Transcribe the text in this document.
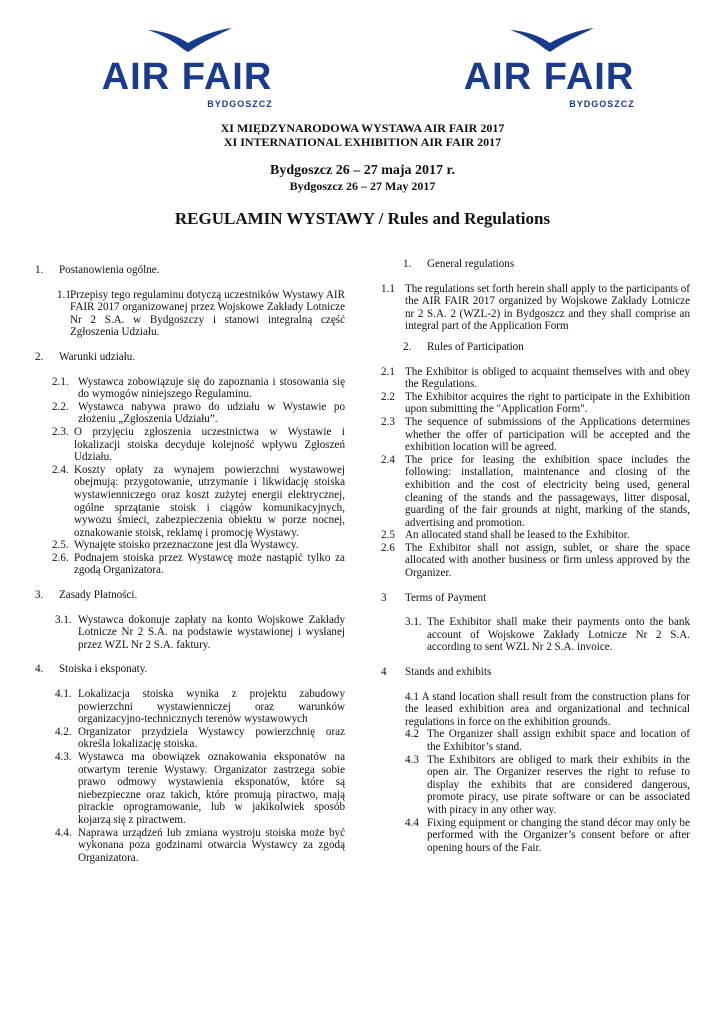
AIR FAIR
BYDGOSZCZ
AIR FAIR
BYDGOSZCZ
XI MIĘDZYNARODOWA WYSTAWA AIR FAIR 2017
XI INTERNATIONAL EXHIBITION AIR FAIR 2017
Bydgoszcz 26 – 27 maja 2017 r.
Bydgoszcz 26 – 27 May 2017
REGULAMIN WYSTAWY / Rules and Regulations

1. Postanowienia ogólne.

1.1.
Przepisy tego regulaminu dotyczą uczestników Wystawy AIR FAIR 2017 organizowanej przez Wojskowe Zakłady Lotnicze Nr 2 S.A. w Bydgoszczy i stanowi integralną część Zgłoszenia Udziału.

2. Warunki udziału.

2.1. Wystawca zobowiązuje się do zapoznania i stosowania się do wymogów niniejszego Regulaminu.

2.2. Wystawca nabywa prawo do udziału w Wystawie po złożeniu „Zgłoszenia Udziału”.

2.3. O przyjęciu zgłoszenia uczestnictwa w Wystawie i lokalizacji stoiska decyduje kolejność wpływu Zgłoszeń Udziału.

2.4. Koszty opłaty za wynajem powierzchni wystawowej obejmują: przygotowanie, utrzymanie i likwidację stoiska wystawienniczego oraz koszt zużytej energii elektrycznej, ogólne sprzątanie stoisk i ciągów komunikacyjnych, wywozu śmieci, zabezpieczenia obiektu w porze nocnej, oznakowanie stoisk, reklamę i promocję Wystawy.

2.5. Wynajęte stoisko przeznaczone jest dla Wystawcy.

2.6. Podnajem stoiska przez Wystawcę może nastąpić tylko za zgodą Organizatora.

3. Zasady Płatności.

3.1. Wystawca dokonuje zapłaty na konto Wojskowe Zakłady Lotnicze Nr 2 S.A. na podstawie wystawionej i wysłanej przez WZL Nr 2 S.A. faktury.

4. Stoiska i eksponaty.

4.1. Lokalizacja stoiska wynika z projektu zabudowy powierzchni wystawienniczej oraz warunków organizacyjno-technicznych terenów wystawowych

4.2. Organizator przydziela Wystawcy powierzchnię oraz określa lokalizację stoiska.

4.3. Wystawca ma obowiązek oznakowania eksponatów na otwartym terenie Wystawy. Organizator zastrzega sobie prawo odmowy wystawienia eksponatów, które są niebezpieczne oraz takich, które promują piractwo, mają pirackie oprogramowanie, lub w jakikolwiek sposób kojarzą się z piractwem.

4.4. Naprawa urządzeń lub zmiana wystroju stoiska może być wykonana poza godzinami otwarcia Wystawcy za zgodą Organizatora.

1. General regulations

1.1 The regulations set forth herein shall apply to the participants of the AIR FAIR 2017 organized by Wojskowe Zakłady Lotnicze nr 2 S.A. 2 (WZL-2) in Bydgoszcz and they shall comprise an integral part of the Application Form

2. Rules of Participation

2.1 The Exhibitor is obliged to acquaint themselves with and obey the Regulations.

2.2 The Exhibitor acquires the right to participate in the Exhibition upon submitting the "Application Form".

2.3 The sequence of submissions of the Applications determines whether the offer of participation will be accepted and the exhibition location will be agreed.

2.4 The price for leasing the exhibition space includes the following: installation, maintenance and closing of the exhibition and the cost of electricity being used, general cleaning of the stands and the passageways, litter disposal, guarding of the fair grounds at night, marking of the stands, advertising and promotion.

2.5 An allocated stand shall be leased to the Exhibitor.

2.6 The Exhibitor shall not assign, sublet, or share the space allocated with another business or firm unless approved by the Organizer.

3 Terms of Payment

3.1. The Exhibitor shall make their payments onto the bank account of Wojskowe Zakłady Lotnicze Nr 2 S.A. according to sent WZL Nr 2 S.A. invoice.

4 Stands and exhibits

4.1 A stand location shall result from the construction plans for the leased exhibition area and organizational and technical regulations in force on the exhibition grounds.

4.2 The Organizer shall assign exhibit space and location of the Exhibitor’s stand.

4.3 The Exhibitors are obliged to mark their exhibits in the open air. The Organizer reserves the right to refuse to display the exhibits that are considered dangerous, promote piracy, use pirate software or can be associated with piracy in any other way.

4.4 Fixing equipment or changing the stand décor may only be performed with the Organizer’s consent before or after opening hours of the Fair.
